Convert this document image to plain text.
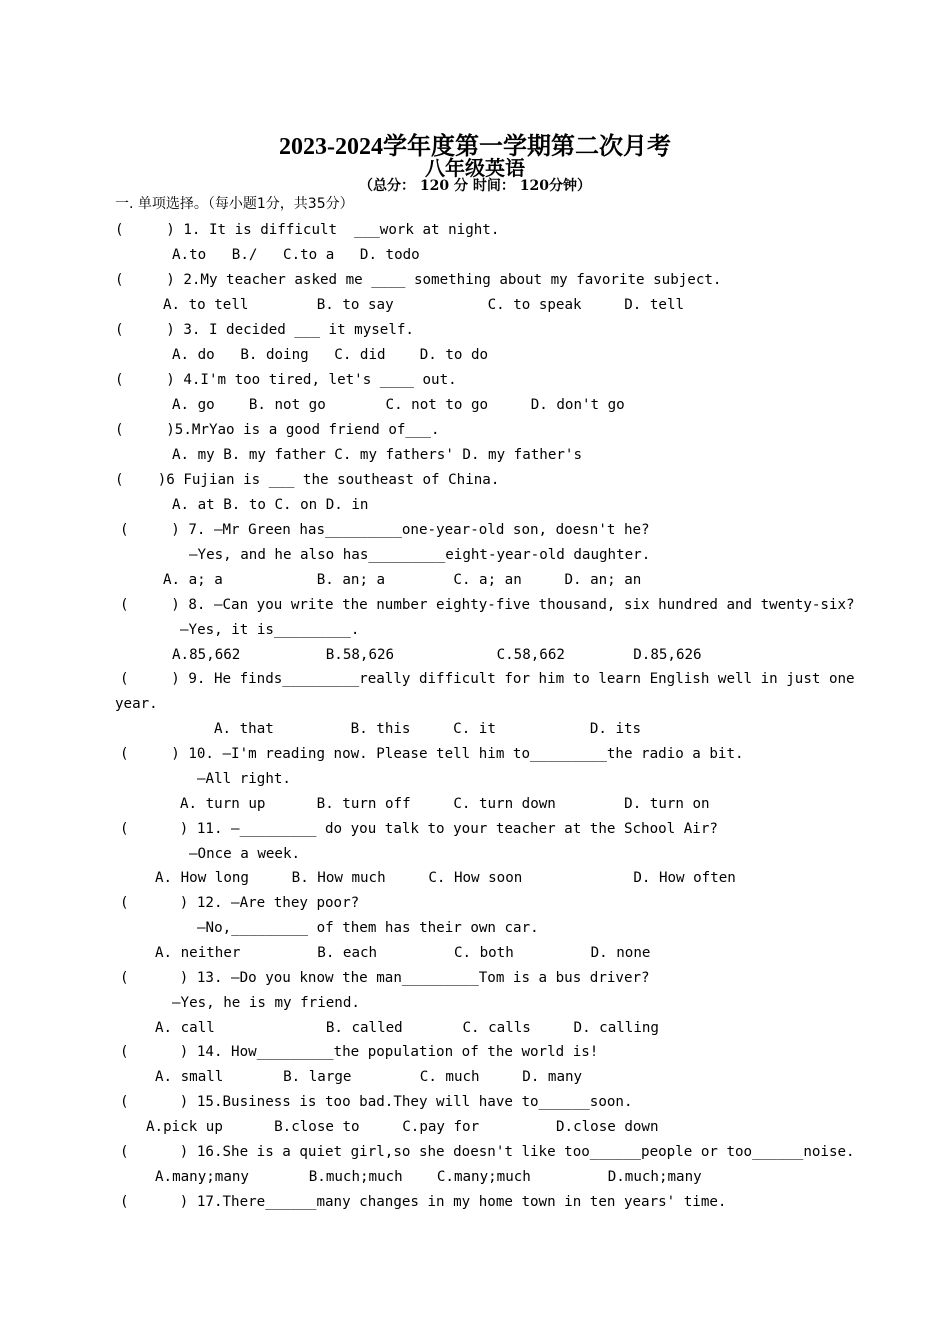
2023-2024学年度第一学期第二次月考
八年级英语
（总分： 120 分 时间： 120分钟）
一. 单项选择。（每小题1分，共35分）
(     ) 1. It is difficult  ___work at night.
A.to   B./   C.to a   D. todo
(     ) 2.My teacher asked me ____ something about my favorite subject.
A. to tell        B. to say           C. to speak     D. tell
(     ) 3. I decided ___ it myself.
A. do   B. doing   C. did    D. to do
(     ) 4.I'm too tired, let's ____ out.
A. go    B. not go       C. not to go     D. don't go
(     )5.MrYao is a good friend of___.
A. my B. my father C. my fathers' D. my father's
(    )6 Fujian is ___ the southeast of China.
A. at B. to C. on D. in
(     ) 7. —Mr Green has_________one-year-old son, doesn't he?
—Yes, and he also has_________eight-year-old daughter.
A. a; a           B. an; a        C. a; an     D. an; an
(     ) 8. —Can you write the number eighty-five thousand, six hundred and twenty-six?
—Yes, it is_________.
A.85,662          B.58,626            C.58,662        D.85,626
(     ) 9. He finds_________really difficult for him to learn English well in just one
year.
A. that         B. this     C. it           D. its
(     ) 10. —I'm reading now. Please tell him to_________the radio a bit.
—All right.
A. turn up      B. turn off     C. turn down        D. turn on
(      ) 11. —_________ do you talk to your teacher at the School Air?
—Once a week.
A. How long     B. How much     C. How soon             D. How often
(      ) 12. —Are they poor?
—No,_________ of them has their own car.
A. neither         B. each         C. both         D. none
(      ) 13. —Do you know the man_________Tom is a bus driver?
—Yes, he is my friend.
A. call             B. called       C. calls     D. calling
(      ) 14. How_________the population of the world is!
A. small       B. large        C. much     D. many
(      ) 15.Business is too bad.They will have to______soon.
A.pick up      B.close to     C.pay for         D.close down
(      ) 16.She is a quiet girl,so she doesn't like too______people or too______noise.
A.many;many       B.much;much    C.many;much         D.much;many
(      ) 17.There______many changes in my home town in ten years' time.
